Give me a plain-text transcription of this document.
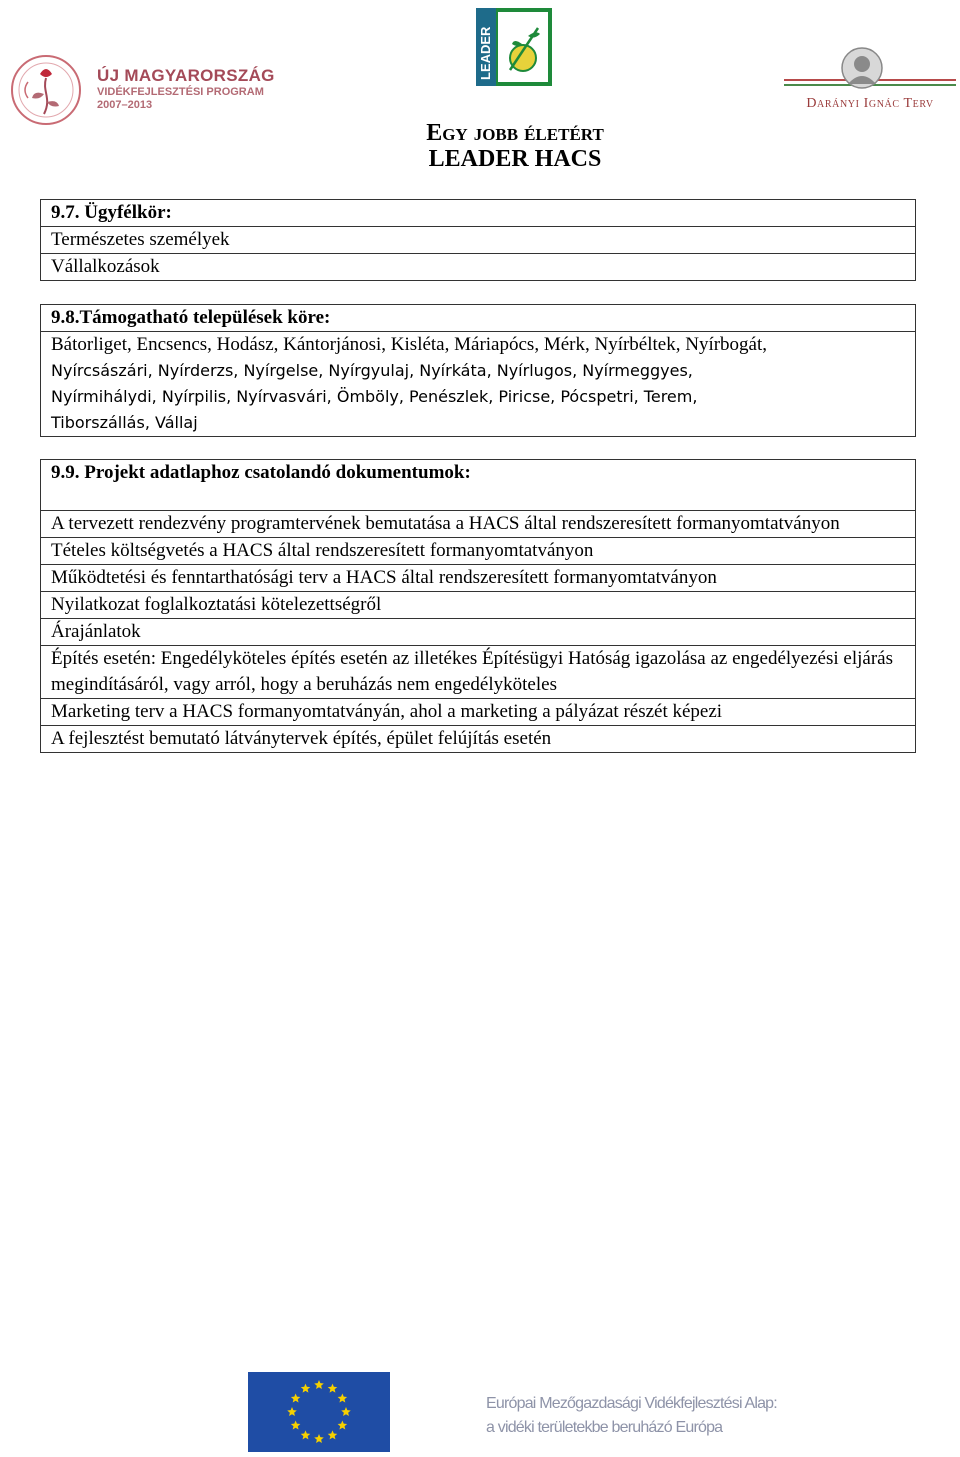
ÚJ MAGYARORSZÁG
VIDÉKFEJLESZTÉSI PROGRAM
2007–2013
LEADER
Darányi Ignác Terv
Egy jobb életért
LEADER HACS
9.7. Ügyfélkör:
Természetes személyek
Vállalkozások
9.8.Támogatható települések köre:

Bátorliget, Encsencs, Hodász, Kántorjánosi, Kisléta, Máriapócs, Mérk, Nyírbéltek, Nyírbogát,
Nyírcsászári, Nyírderzs, Nyírgelse, Nyírgyulaj, Nyírkáta, Nyírlugos, Nyírmeggyes,
Nyírmihálydi, Nyírpilis, Nyírvasvári, Ömböly, Penészlek, Piricse, Pócspetri, Terem,
Tiborszállás, Vállaj
9.9. Projekt adatlaphoz csatolandó dokumentumok:
A tervezett rendezvény programtervének bemutatása a HACS által rendszeresített formanyomtatványon
Tételes költségvetés a HACS által rendszeresített formanyomtatványon
Működtetési és fenntarthatósági terv a HACS által rendszeresített formanyomtatványon
Nyilatkozat foglalkoztatási kötelezettségről
Árajánlatok
Építés esetén: Engedélyköteles építés esetén az illetékes Építésügyi Hatóság igazolása az engedélyezési eljárás megindításáról, vagy arról, hogy a beruházás nem engedélyköteles
Marketing terv a HACS formanyomtatványán, ahol a marketing a pályázat részét képezi
A fejlesztést bemutató látványtervek építés, épület felújítás esetén
Európai Mezőgazdasági Vidékfejlesztési Alap:
a vidéki területekbe beruházó Európa
